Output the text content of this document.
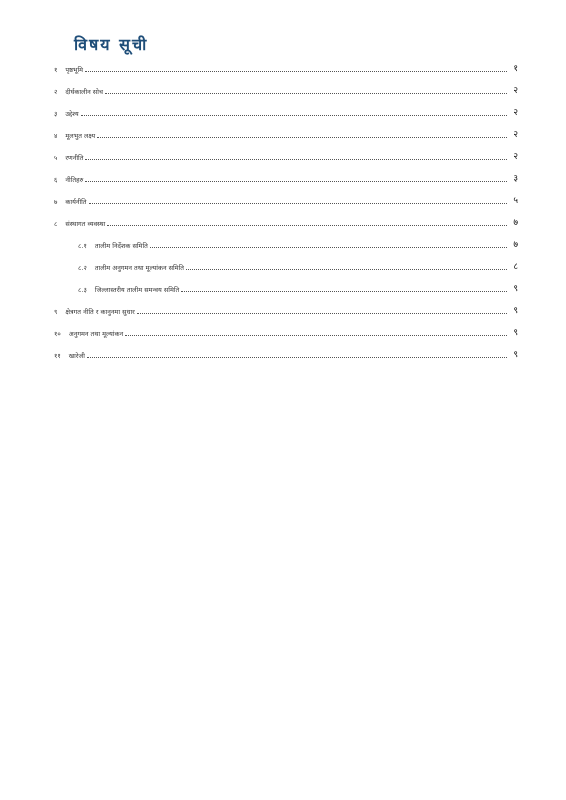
विषय सूची
१	पृष्ठभूमि	१
२	दीर्घकालीन सोच	२
३	उद्देश्य	२
४	मूलभुत लक्ष्य	२
५	रणनीति	२
६	नीतिहरु	३
७	कार्यनीति	५
८	संस्थागत व्यवस्था	७
८.१	तालीम निर्देशक समिति	७
८.२	तालीम अनुगमन तथा मूल्यांकन समिति	८
८.३	जिल्लास्तरीय तालीम समन्वय समिति	९
९	क्षेत्रगत नीति र कानुनमा सुधार	९
१०	अनुगमन तथा मूल्यांकन	९
११	खारेजी	९
